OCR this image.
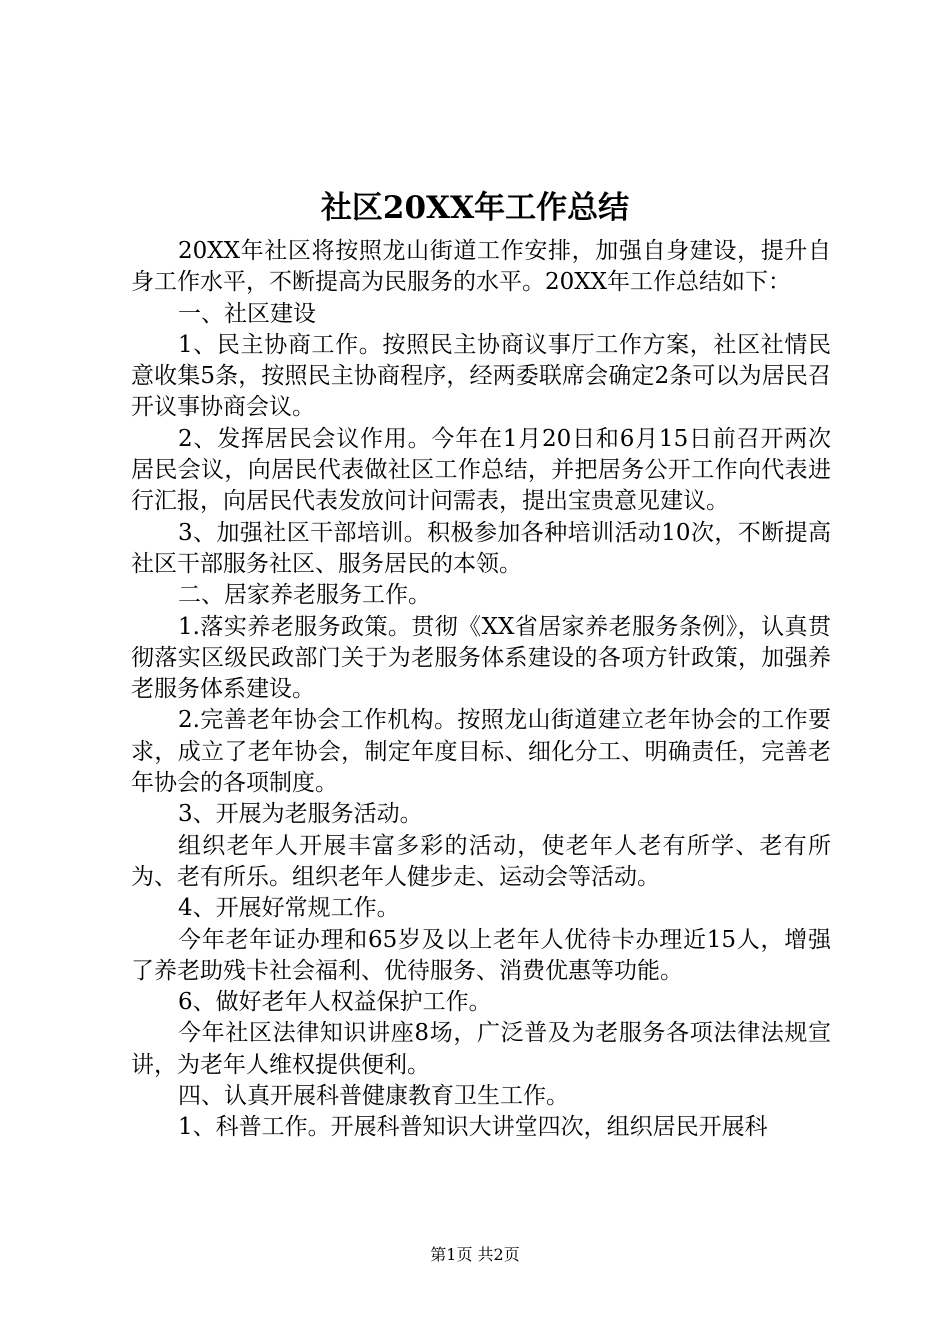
社区20XX年工作总结

20XX年社区将按照龙山街道工作安排，加强自身建设，提升自身工作水平，不断提高为民服务的水平。20XX年工作总结如下：

一、社区建设

1、民主协商工作。按照民主协商议事厅工作方案，社区社情民意收集5条，按照民主协商程序，经两委联席会确定2条可以为居民召开议事协商会议。

2、发挥居民会议作用。今年在1月20日和6月15日前召开两次居民会议，向居民代表做社区工作总结，并把居务公开工作向代表进行汇报，向居民代表发放问计问需表，提出宝贵意见建议。

3、加强社区干部培训。积极参加各种培训活动10次，不断提高社区干部服务社区、服务居民的本领。

二、居家养老服务工作。

1.落实养老服务政策。贯彻《XX省居家养老服务条例》，认真贯彻落实区级民政部门关于为老服务体系建设的各项方针政策，加强养老服务体系建设。

2.完善老年协会工作机构。按照龙山街道建立老年协会的工作要求，成立了老年协会，制定年度目标、细化分工、明确责任，完善老年协会的各项制度。

3、开展为老服务活动。

组织老年人开展丰富多彩的活动，使老年人老有所学、老有所为、老有所乐。组织老年人健步走、运动会等活动。

4、开展好常规工作。

今年老年证办理和65岁及以上老年人优待卡办理近15人，增强了养老助残卡社会福利、优待服务、消费优惠等功能。

6、做好老年人权益保护工作。

今年社区法律知识讲座8场，广泛普及为老服务各项法律法规宣讲，为老年人维权提供便利。

四、认真开展科普健康教育卫生工作。

1、科普工作。开展科普知识大讲堂四次，组织居民开展科

第1页 共2页
